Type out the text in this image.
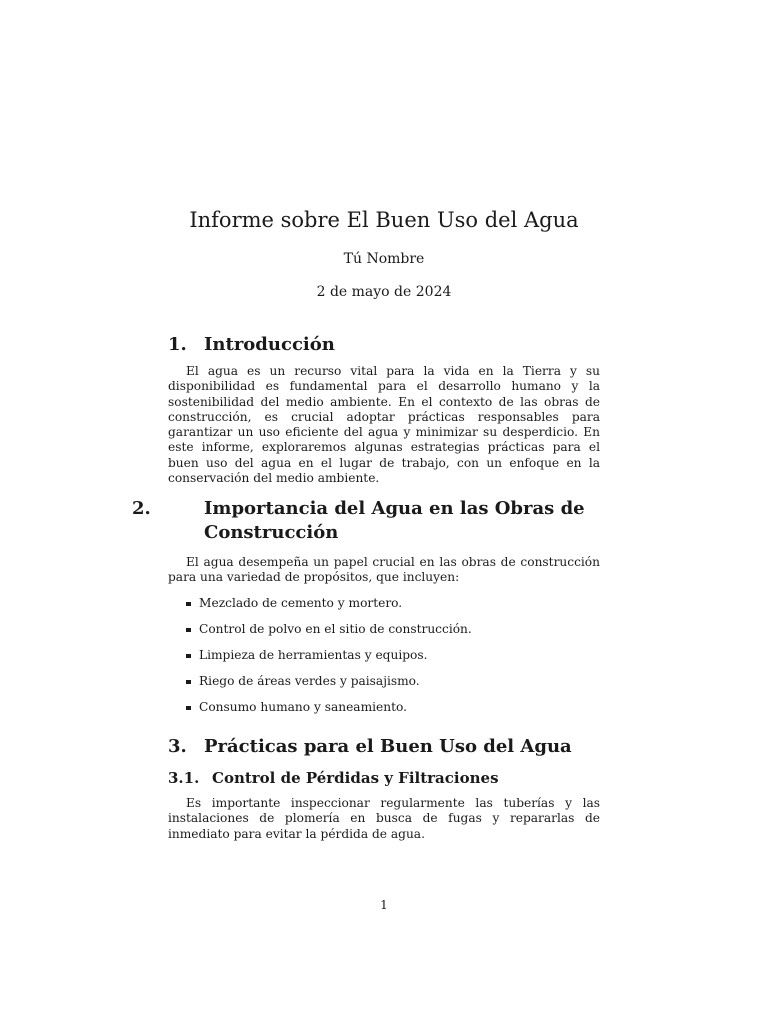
Informe sobre El Buen Uso del Agua
Tú Nombre
2 de mayo de 2024
1. Introducción

El agua es un recurso vital para la vida en la Tierra y su disponibilidad es fundamental para el desarrollo humano y la sostenibilidad del medio ambiente. En el contexto de las obras de construcción, es crucial adoptar prácticas responsables para garantizar un uso eficiente del agua y minimizar su desperdicio. En este informe, exploraremos algunas estrategias prácticas para el buen uso del agua en el lugar de trabajo, con un enfoque en la conservación del medio ambiente.

2.	Importancia del Agua en las Obras de Construcción

El agua desempeña un papel crucial en las obras de construcción para una variedad de propósitos, que incluyen:

Mezclado de cemento y mortero.
Control de polvo en el sitio de construcción.
Limpieza de herramientas y equipos.
Riego de áreas verdes y paisajismo.
Consumo humano y saneamiento.
3. Prácticas para el Buen Uso del Agua
3.1. Control de Pérdidas y Filtraciones

Es importante inspeccionar regularmente las tuberías y las instalaciones de plomería en busca de fugas y repararlas de inmediato para evitar la pérdida de agua.

1
